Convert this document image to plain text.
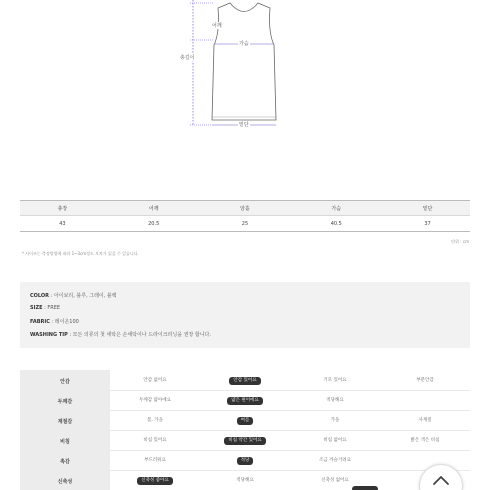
어깨
가슴
총길이
밑단
총장	어깨	암홀	가슴	밑단
43	20.5	25	40.5	37
단위 : cm
* 사이즈는 측정방법에 따라 1~3cm정도 오차가 있을 수 있습니다.
COLOR : 아이보리, 블루, 그레이, 블랙
SIZE : FREE
FABRIC : 레이온100
WASHING TIP : 모든 의류의 첫 세탁은 손세탁이나 드라이크리닝을 권장 합니다.
안감	안감 없어요	안감 있어요	기모 있어요	부분안감
두께감	두께감 얇아에요	얇은 편이에요	적당해요
계절감	봄, 가을	여름	가을	사계절
비침	비침 있어요	비침 약간 있어요	비침 없어요	밝은 색은 비침
촉감	부드러워요	적당	조금 까슬거려요
신축성	신축성 좋아요	적당해요	신축성 없어요
